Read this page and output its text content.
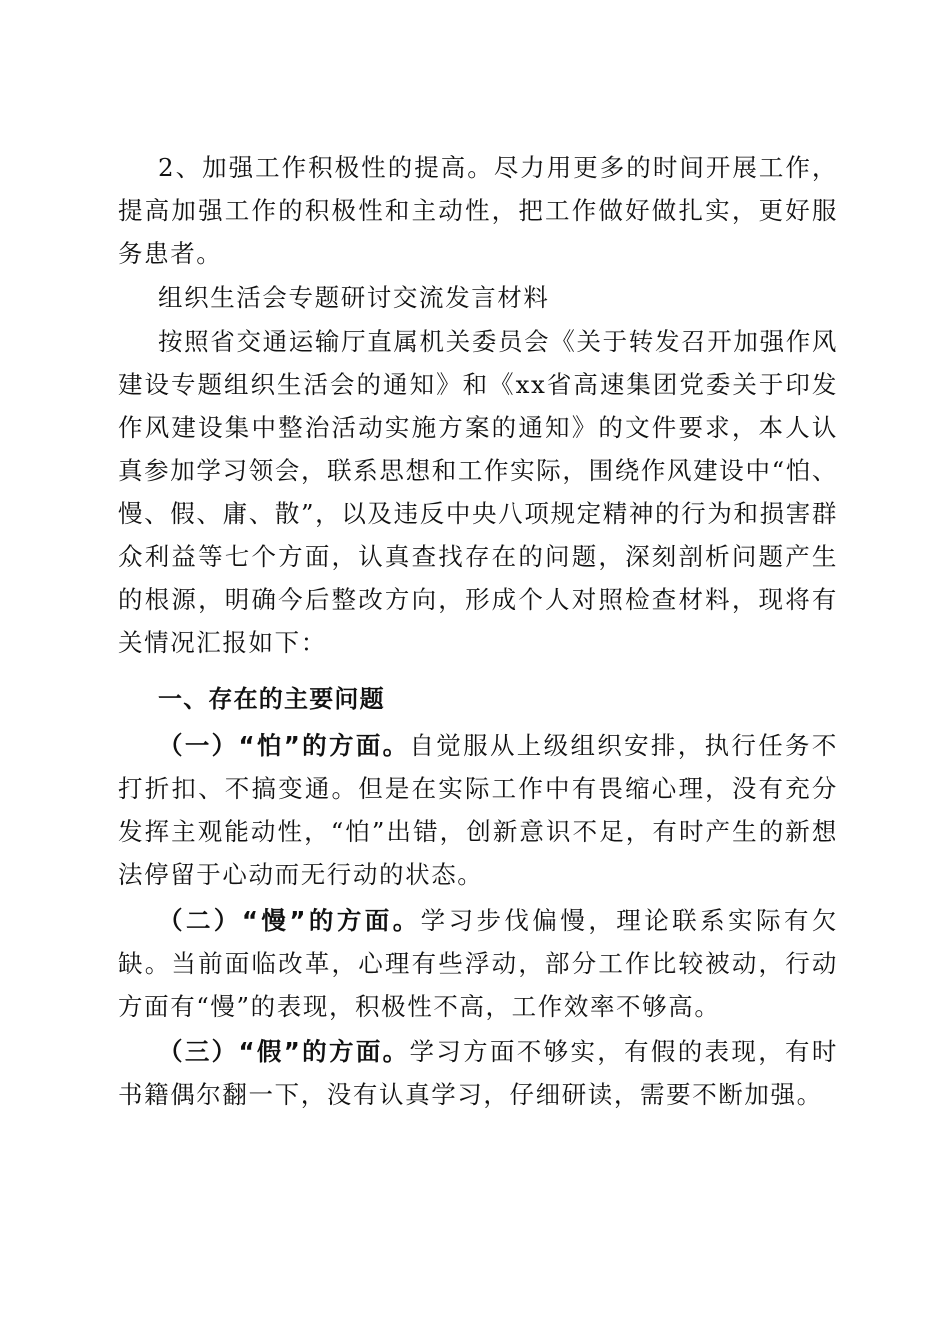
2、加强工作积极性的提高。尽力用更多的时间开展工作，提高加强工作的积极性和主动性，把工作做好做扎实，更好服务患者。

组织生活会专题研讨交流发言材料

按照省交通运输厅直属机关委员会《关于转发召开加强作风建设专题组织生活会的通知》和《xx省高速集团党委关于印发作风建设集中整治活动实施方案的通知》的文件要求，本人认真参加学习领会，联系思想和工作实际，围绕作风建设中“怕、慢、假、庸、散”，以及违反中央八项规定精神的行为和损害群众利益等七个方面，认真查找存在的问题，深刻剖析问题产生的根源，明确今后整改方向，形成个人对照检查材料，现将有关情况汇报如下：

一、存在的主要问题

（一）“怕”的方面。自觉服从上级组织安排，执行任务不打折扣、不搞变通。但是在实际工作中有畏缩心理，没有充分发挥主观能动性，“怕”出错，创新意识不足，有时产生的新想法停留于心动而无行动的状态。

（二）“慢”的方面。学习步伐偏慢，理论联系实际有欠缺。当前面临改革，心理有些浮动，部分工作比较被动，行动方面有“慢”的表现，积极性不高，工作效率不够高。

（三）“假”的方面。学习方面不够实，有假的表现，有时书籍偶尔翻一下，没有认真学习，仔细研读，需要不断加强。
